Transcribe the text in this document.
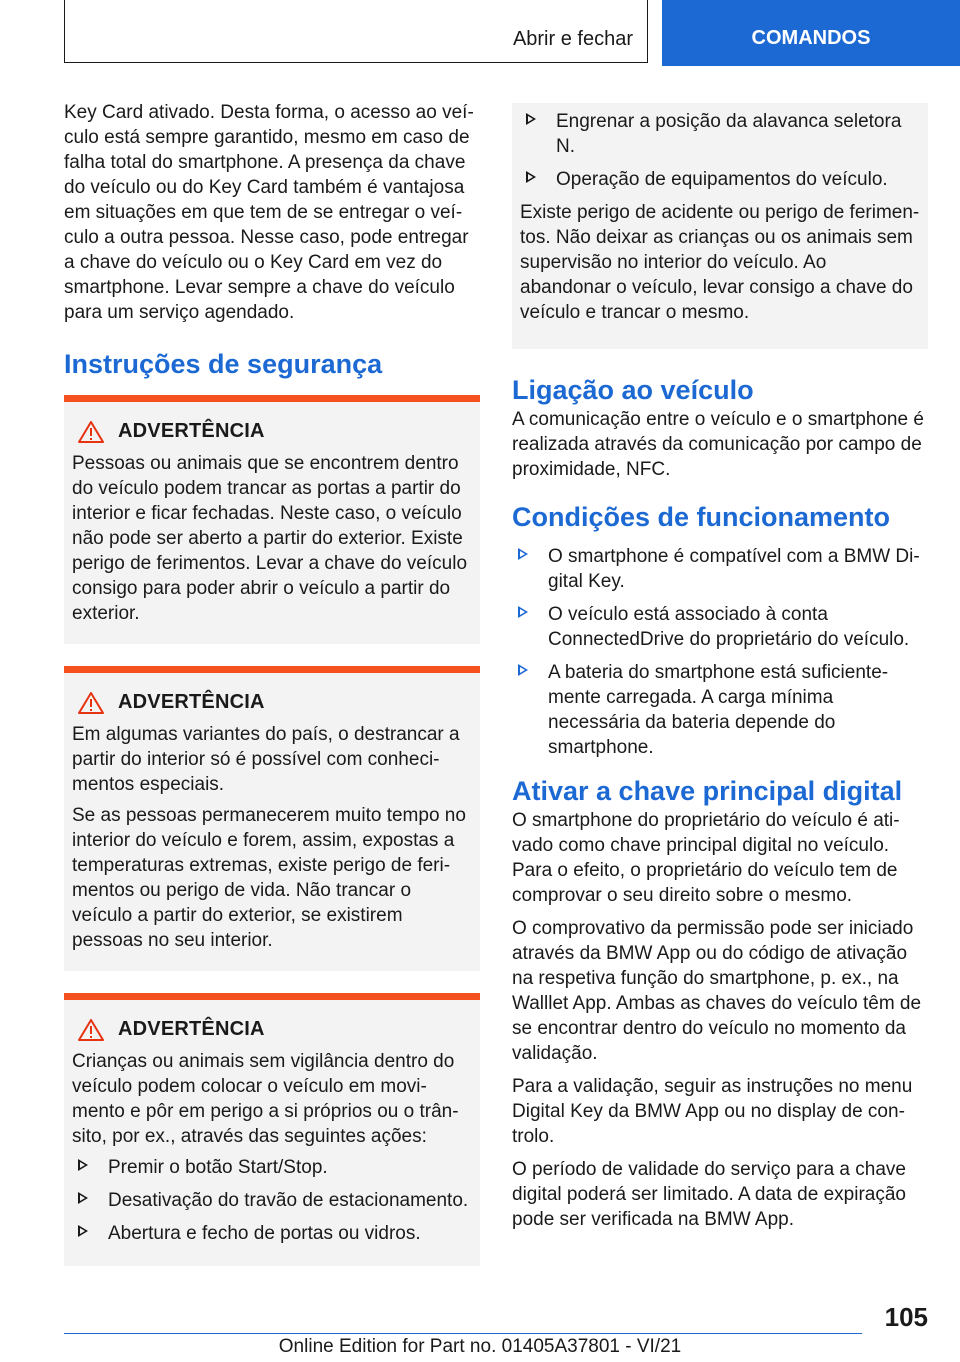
Abrir e fechar	COMANDOS

Key Card ativado. Desta forma, o acesso ao veículo está sempre garantido, mesmo em caso de falha total do smartphone. A presença da chave do veículo ou do Key Card também é vantajosa em situações em que tem de se entregar o veículo a outra pessoa. Nesse caso, pode entregar a chave do veículo ou o Key Card em vez do smartphone. Levar sempre a chave do veículo para um serviço agendado.

Instruções de segurança
ADVERTÊNCIA

Pessoas ou animais que se encontrem dentro do veículo podem trancar as portas a partir do interior e ficar fechadas. Neste caso, o veículo não pode ser aberto a partir do exterior. Existe perigo de ferimentos. Levar a chave do veículo consigo para poder abrir o veículo a partir do exterior.

ADVERTÊNCIA

Em algumas variantes do país, o destrancar a partir do interior só é possível com conhecimentos especiais.

Se as pessoas permanecerem muito tempo no interior do veículo e forem, assim, expostas a temperaturas extremas, existe perigo de ferimentos ou perigo de vida. Não trancar o veículo a partir do exterior, se existirem pessoas no seu interior.

ADVERTÊNCIA

Crianças ou animais sem vigilância dentro do veículo podem colocar o veículo em movimento e pôr em perigo a si próprios ou o trânsito, por ex., através das seguintes ações:

Premir o botão Start/Stop.
Desativação do travão de estacionamento.
Abertura e fecho de portas ou vidros.
Engrenar a posição da alavanca seletora N.
Operação de equipamentos do veículo.

Existe perigo de acidente ou perigo de ferimentos. Não deixar as crianças ou os animais sem supervisão no interior do veículo. Ao abandonar o veículo, levar consigo a chave do veículo e trancar o mesmo.

Ligação ao veículo

A comunicação entre o veículo e o smartphone é realizada através da comunicação por campo de proximidade, NFC.

Condições de funcionamento
O smartphone é compatível com a BMW Digital Key.
O veículo está associado à conta ConnectedDrive do proprietário do veículo.
A bateria do smartphone está suficientemente carregada. A carga mínima necessária da bateria depende do smartphone.
Ativar a chave principal digital

O smartphone do proprietário do veículo é ativado como chave principal digital no veículo. Para o efeito, o proprietário do veículo tem de comprovar o seu direito sobre o mesmo.

O comprovativo da permissão pode ser iniciado através da BMW App ou do código de ativação na respetiva função do smartphone, p. ex., na Walllet App. Ambas as chaves do veículo têm de se encontrar dentro do veículo no momento da validação.

Para a validação, seguir as instruções no menu Digital Key da BMW App ou no display de controlo.

O período de validade do serviço para a chave digital poderá ser limitado. A data de expiração pode ser verificada na BMW App.

105
Online Edition for Part no. 01405A37801 - VI/21
